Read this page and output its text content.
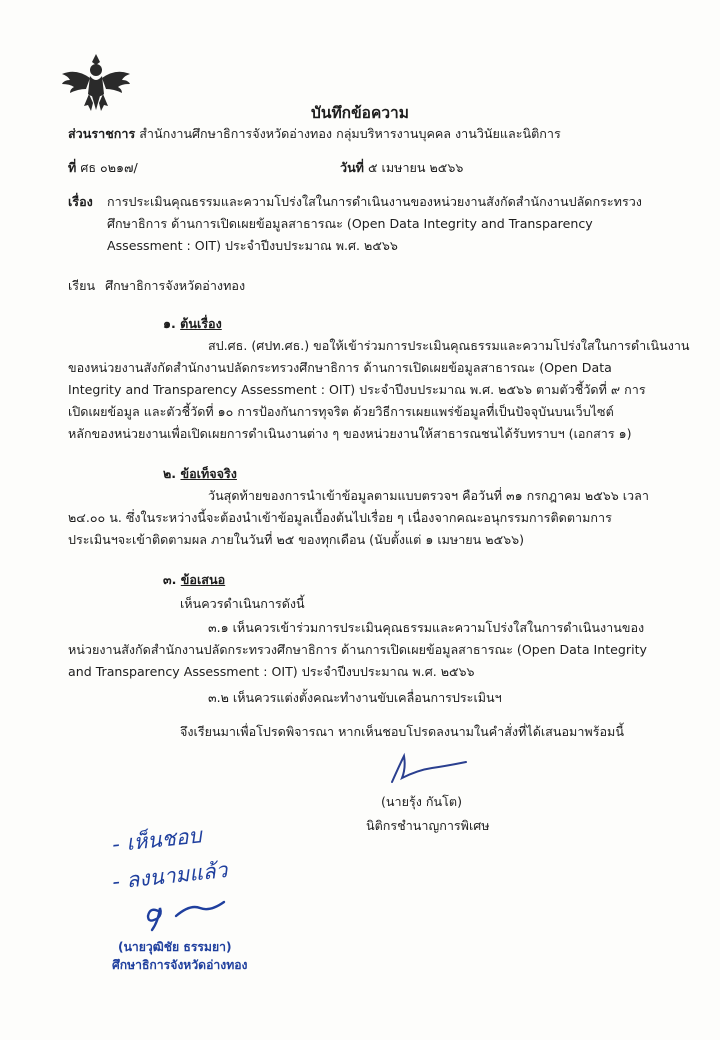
บันทึกข้อความ
ส่วนราชการ สำนักงานศึกษาธิการจังหวัดอ่างทอง กลุ่มบริหารงานบุคคล งานวินัยและนิติการ
ที่ ศธ ๐๒๑๗/	วันที่ ๕ เมษายน ๒๕๖๖
เรื่อง การประเมินคุณธรรมและความโปร่งใสในการดำเนินงานของหน่วยงานสังกัดสำนักงานปลัดกระทรวง
ศึกษาธิการ ด้านการเปิดเผยข้อมูลสาธารณะ (Open Data Integrity and Transparency
Assessment : OIT) ประจำปีงบประมาณ พ.ศ. ๒๕๖๖
เรียน ศึกษาธิการจังหวัดอ่างทอง
๑. ต้นเรื่อง
สป.ศธ. (ศปท.ศธ.) ขอให้เข้าร่วมการประเมินคุณธรรมและความโปร่งใสในการดำเนินงาน
ของหน่วยงานสังกัดสำนักงานปลัดกระทรวงศึกษาธิการ ด้านการเปิดเผยข้อมูลสาธารณะ (Open Data
Integrity and Transparency Assessment : OIT) ประจำปีงบประมาณ พ.ศ. ๒๕๖๖ ตามตัวชี้วัดที่ ๙ การ
เปิดเผยข้อมูล และตัวชี้วัดที่ ๑๐ การป้องกันการทุจริต ด้วยวิธีการเผยแพร่ข้อมูลที่เป็นปัจจุบันบนเว็บไซต์
หลักของหน่วยงานเพื่อเปิดเผยการดำเนินงานต่าง ๆ ของหน่วยงานให้สาธารณชนได้รับทราบฯ (เอกสาร ๑)
๒. ข้อเท็จจริง
วันสุดท้ายของการนำเข้าข้อมูลตามแบบตรวจฯ คือวันที่ ๓๑ กรกฎาคม ๒๕๖๖ เวลา
๒๔.๐๐ น. ซึ่งในระหว่างนี้จะต้องนำเข้าข้อมูลเบื้องต้นไปเรื่อย ๆ เนื่องจากคณะอนุกรรมการติดตามการ
ประเมินฯจะเข้าติดตามผล ภายในวันที่ ๒๕ ของทุกเดือน (นับตั้งแต่ ๑ เมษายน ๒๕๖๖)
๓. ข้อเสนอ
เห็นควรดำเนินการดังนี้
๓.๑ เห็นควรเข้าร่วมการประเมินคุณธรรมและความโปร่งใสในการดำเนินงานของ
หน่วยงานสังกัดสำนักงานปลัดกระทรวงศึกษาธิการ ด้านการเปิดเผยข้อมูลสาธารณะ (Open Data Integrity
and Transparency Assessment : OIT) ประจำปีงบประมาณ พ.ศ. ๒๕๖๖
๓.๒ เห็นควรแต่งตั้งคณะทำงานขับเคลื่อนการประเมินฯ
จึงเรียนมาเพื่อโปรดพิจารณา หากเห็นชอบโปรดลงนามในคำสั่งที่ได้เสนอมาพร้อมนี้
(นายรุ้ง กันโต)
นิติกรชำนาญการพิเศษ
- เห็นชอบ
- ลงนามแล้ว
(นายวุฒิชัย ธรรมยา)
ศึกษาธิการจังหวัดอ่างทอง
